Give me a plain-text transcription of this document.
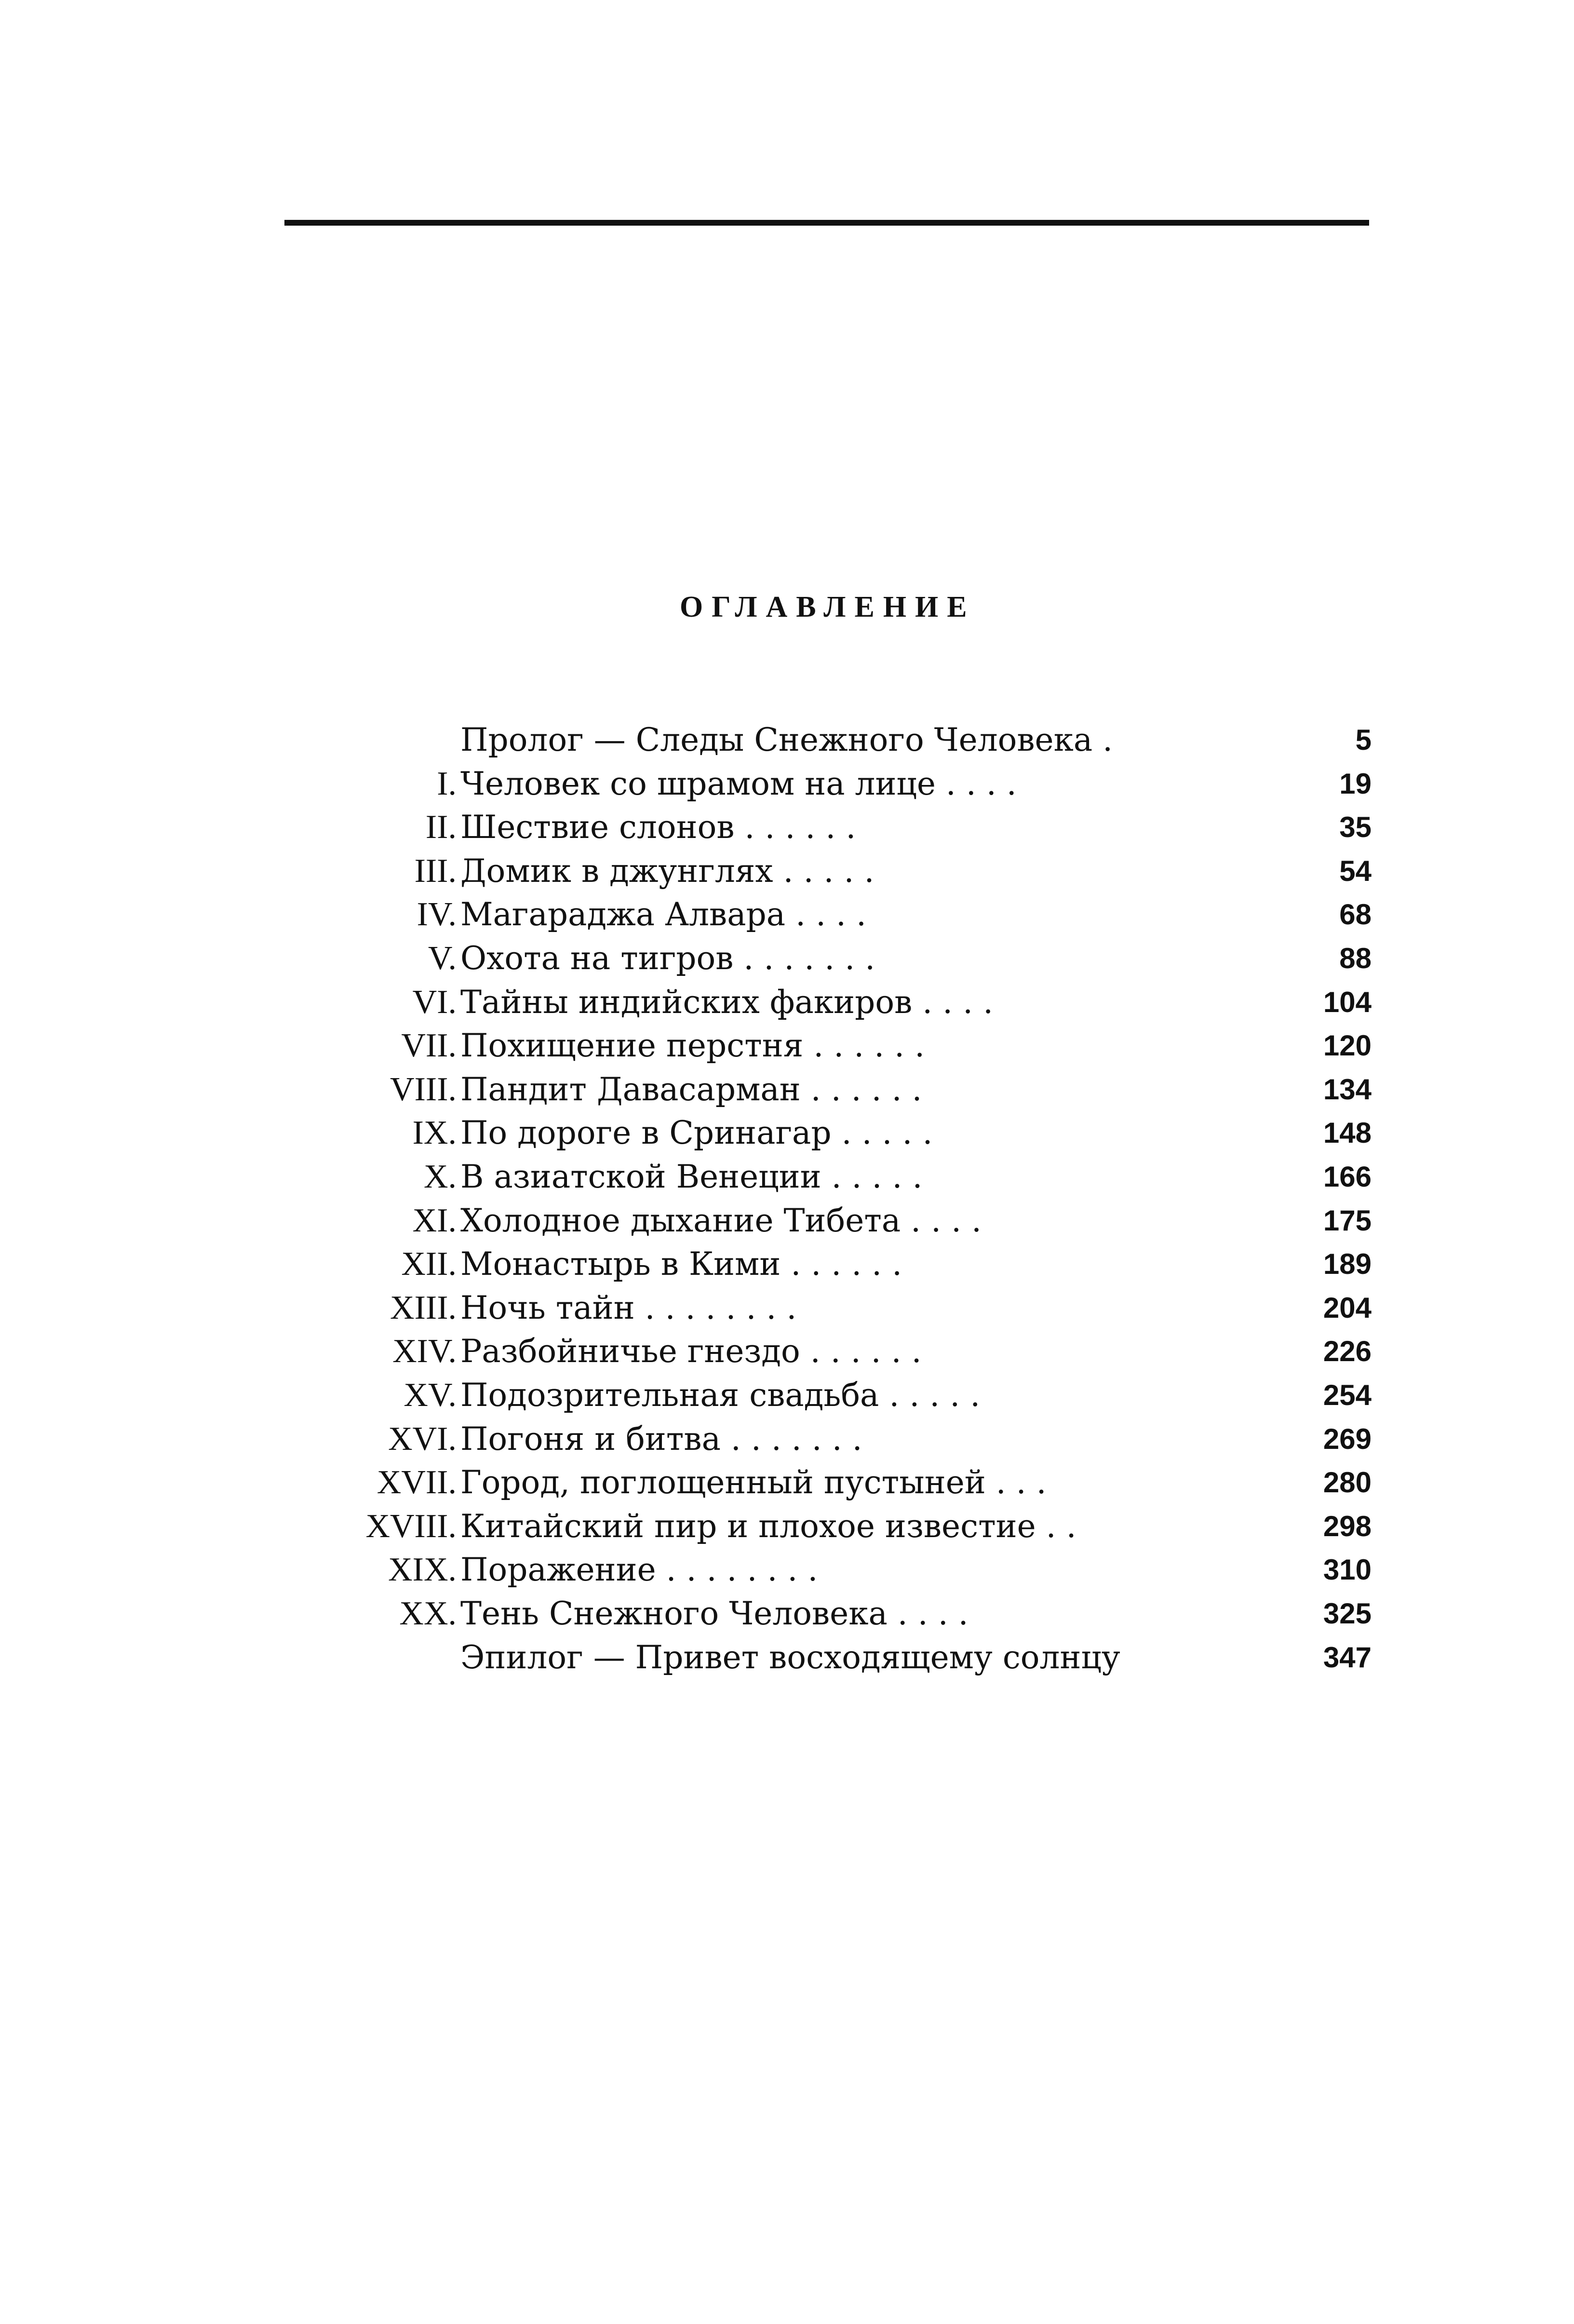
ОГЛАВЛЕНИЕ
Пролог — Следы Снежного Человека .	5
I. Человек со шрамом на лице . . . .	19
II. Шествие слонов . . . . . .	35
III. Домик в джунглях . . . . .	54
IV. Магараджа Алвара . . . .	68
V. Охота на тигров . . . . . . .	88
VI. Тайны индийских факиров . . . .	104
VII. Похищение перстня . . . . . .	120
VIII. Пандит Давасарман . . . . . .	134
IX. По дороге в Сринагар . . . . .	148
X. В азиатской Венеции . . . . .	166
XI. Холодное дыхание Тибета . . . .	175
XII. Монастырь в Кими . . . . . .	189
XIII. Ночь тайн . . . . . . . .	204
XIV. Разбойничье гнездо . . . . . .	226
XV. Подозрительная свадьба . . . . .	254
XVI. Погоня и битва . . . . . . .	269
XVII. Город, поглощенный пустыней . . .	280
XVIII. Китайский пир и плохое известие . .	298
XIX. Поражение . . . . . . . .	310
XX. Тень Снежного Человека . . . .	325
Эпилог — Привет восходящему солнцу	347
